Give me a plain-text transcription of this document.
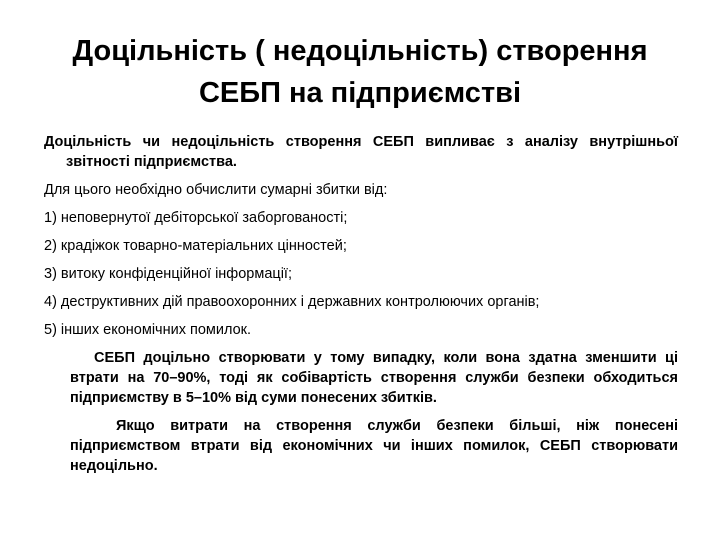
Доцільність ( недоцільність) створення СЕБП на підприємстві

Доцільність чи недоцільність створення СЕБП випливає з аналізу внутрішньої звітності підприємства.

Для цього необхідно обчислити сумарні збитки від:

1) неповернутої дебіторської заборгованості;

2) крадіжок товарно-матеріальних цінностей;

3) витоку конфіденційної інформації;

4) деструктивних дій правоохоронних і державних контролюючих органів;

5) інших економічних помилок.

СЕБП доцільно створювати у тому випадку, коли вона здатна зменшити ці втрати на 70–90%, тоді як собівартість створення служби безпеки обходиться підприємству в 5–10% від суми понесених збитків.

Якщо витрати на створення служби безпеки більші, ніж понесені підприємством втрати від економічних чи інших помилок, СЕБП створювати недоцільно.
